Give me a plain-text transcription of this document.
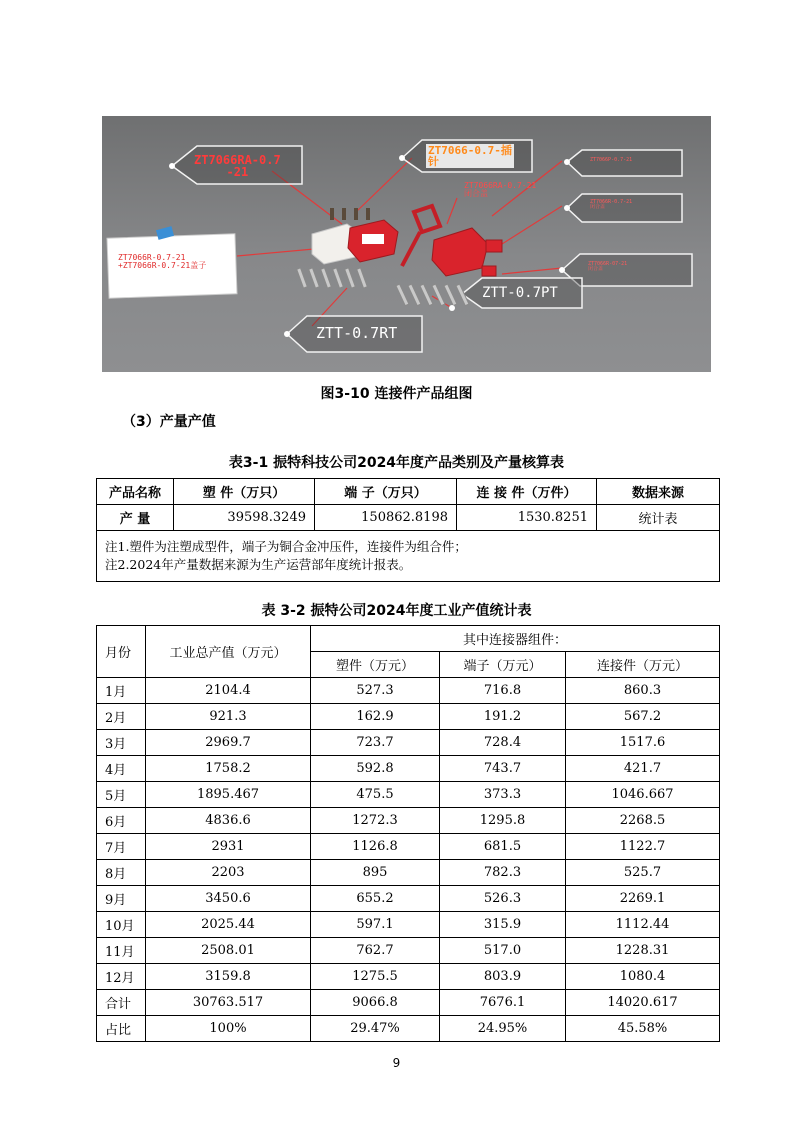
ZT7066RA-0.7
-21
ZT7066-0.7-插
针
ZT7066RA-0.7-21
闭合盖
ZT7066R-0.7-21
+ZT7066R-0.7-21盖子
ZT7066P-0.7-21
ZT7066R-0.7-21
闭合盖
ZT7066R-07-21
闭合盖
ZTT-0.7PT
ZTT-0.7RT
图3-10 连接件产品组图
（3）产量产值
表3-1 振特科技公司2024年度产品类别及产量核算表
产品名称	塑 件（万只）	端 子（万只）	连 接 件（万件）	数据来源
产 量	39598.3249	150862.8198	1530.8251	统计表

注1.塑件为注塑成型件，端子为铜合金冲压件，连接件为组合件；
注2.2024年产量数据来源为生产运营部年度统计报表。				
表 3-2 振特公司2024年度工业产值统计表
月份	工业总产值（万元）	其中连接器组件：		
		塑件（万元）	端子（万元）	连接件（万元）
1月	2104.4	527.3	716.8	860.3
2月	921.3	162.9	191.2	567.2
3月	2969.7	723.7	728.4	1517.6
4月	1758.2	592.8	743.7	421.7
5月	1895.467	475.5	373.3	1046.667
6月	4836.6	1272.3	1295.8	2268.5
7月	2931	1126.8	681.5	1122.7
8月	2203	895	782.3	525.7
9月	3450.6	655.2	526.3	2269.1
10月	2025.44	597.1	315.9	1112.44
11月	2508.01	762.7	517.0	1228.31
12月	3159.8	1275.5	803.9	1080.4
合计	30763.517	9066.8	7676.1	14020.617
占比	100%	29.47%	24.95%	45.58%
9
